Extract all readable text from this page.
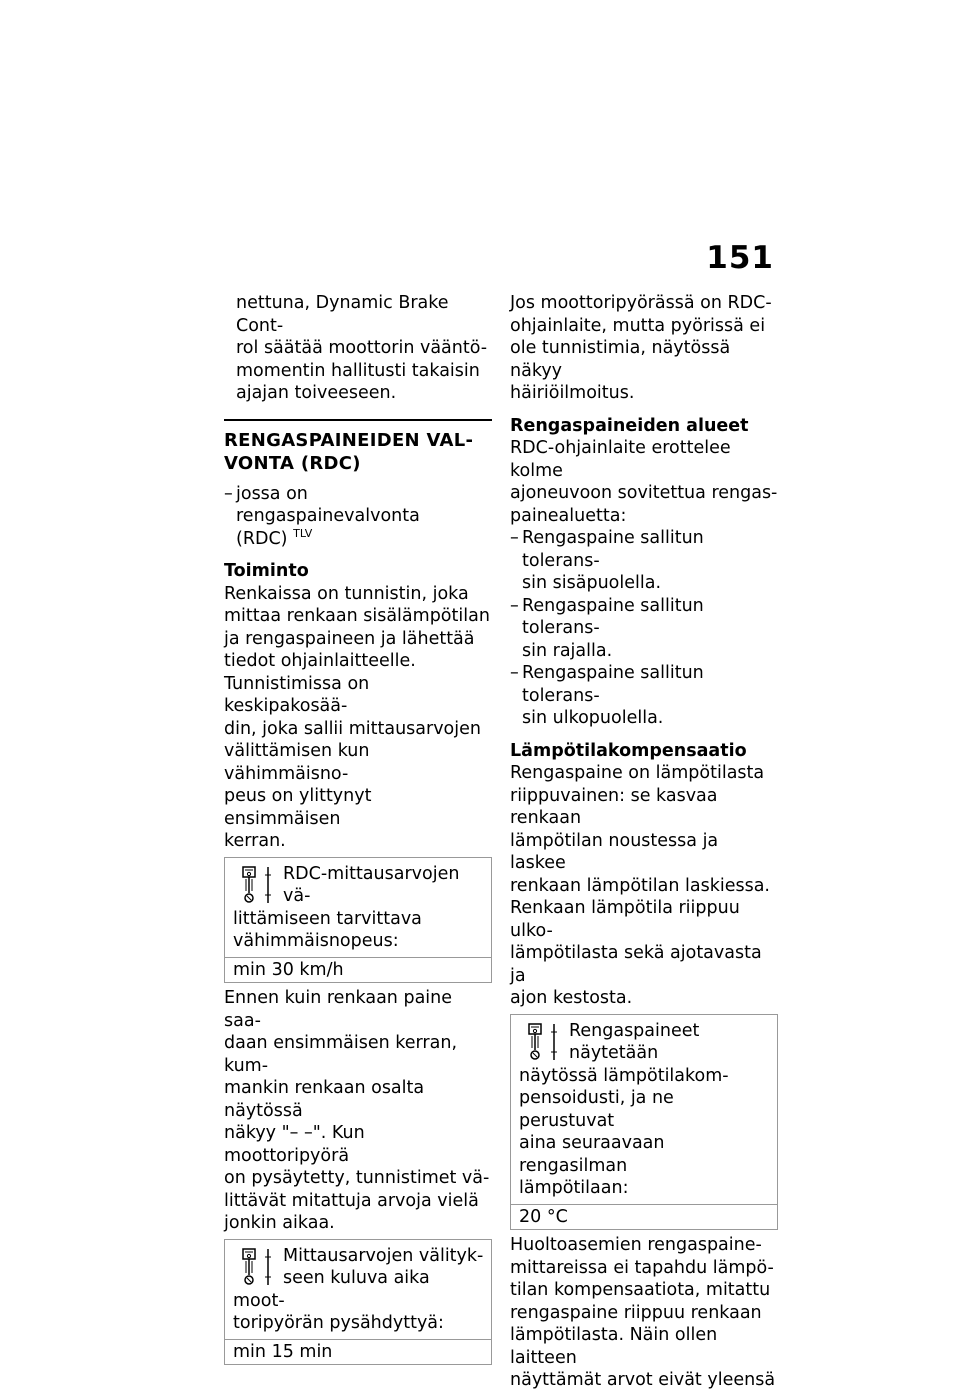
151
nettuna, Dynamic Brake Cont-
rol säätää moottorin vääntö-
momentin hallitusti takaisin
ajajan toiveeseen.
RENGASPAINEIDEN VAL-
VONTA (RDC)
– jossa on rengaspainevalvonta
(RDC) $^{TLV}$
Toiminto
Renkaissa on tunnistin, joka
mittaa renkaan sisälämpötilan
ja rengaspaineen ja lähettää
tiedot ohjainlaitteelle.
Tunnistimissa on keskipakosää-
din, joka sallii mittausarvojen
välittämisen kun vähimmäisno-
peus on ylittynyt ensimmäisen
kerran.
RDC-mittausarvojen vä-
littämiseen tarvittava
vähimmäisnopeus:
min 30 km/h
Ennen kuin renkaan paine saa-
daan ensimmäisen kerran, kum-
mankin renkaan osalta näytössä
näkyy "– –". Kun moottoripyörä
on pysäytetty, tunnistimet vä-
littävät mitattuja arvoja vielä
jonkin aikaa.
Mittausarvojen välityk-
seen kuluva aika moot-
toripyörän pysähdyttyä:
min 15 min
Jos moottoripyörässä on RDC-
ohjainlaite, mutta pyörissä ei
ole tunnistimia, näytössä näkyy
häiriöilmoitus.
Rengaspaineiden alueet
RDC-ohjainlaite erottelee kolme
ajoneuvoon sovitettua rengas-
painealuetta:
– Rengaspaine sallitun tolerans-
sin sisäpuolella.
– Rengaspaine sallitun tolerans-
sin rajalla.
– Rengaspaine sallitun tolerans-
sin ulkopuolella.
Lämpötilakompensaatio
Rengaspaine on lämpötilasta
riippuvainen: se kasvaa renkaan
lämpötilan noustessa ja laskee
renkaan lämpötilan laskiessa.
Renkaan lämpötila riippuu ulko-
lämpötilasta sekä ajotavasta ja
ajon kestosta.
Rengaspaineet näytetään
näytössä lämpötilakom-
pensoidusti, ja ne perustuvat
aina seuraavaan rengasilman
lämpötilaan:
20 °C
Huoltoasemien rengaspaine-
mittareissa ei tapahdu lämpö-
tilan kompensaatiota, mitattu
rengaspaine riippuu renkaan
lämpötilasta. Näin ollen laitteen
näyttämät arvot eivät yleensä
